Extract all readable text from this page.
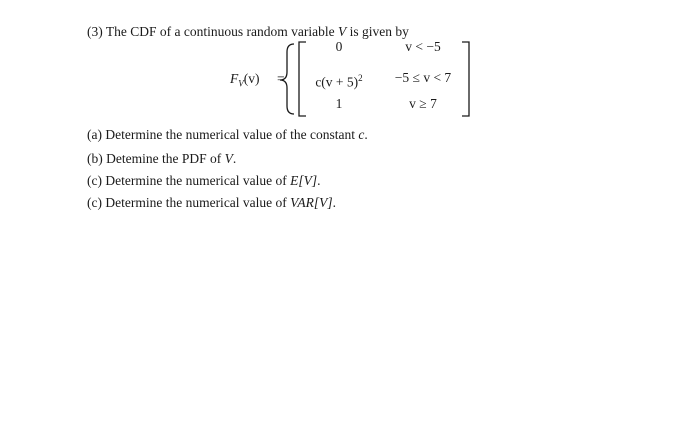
(3) The CDF of a continuous random variable V is given by
$F_V(v)$ =
0
$c(v + 5)^2$
1
v < −5
−5 ≤ v < 7
v ≥ 7
(a) Determine the numerical value of the constant c.
(b) Detemine the PDF of V.
(c) Determine the numerical value of E[V].
(c) Determine the numerical value of VAR[V].
